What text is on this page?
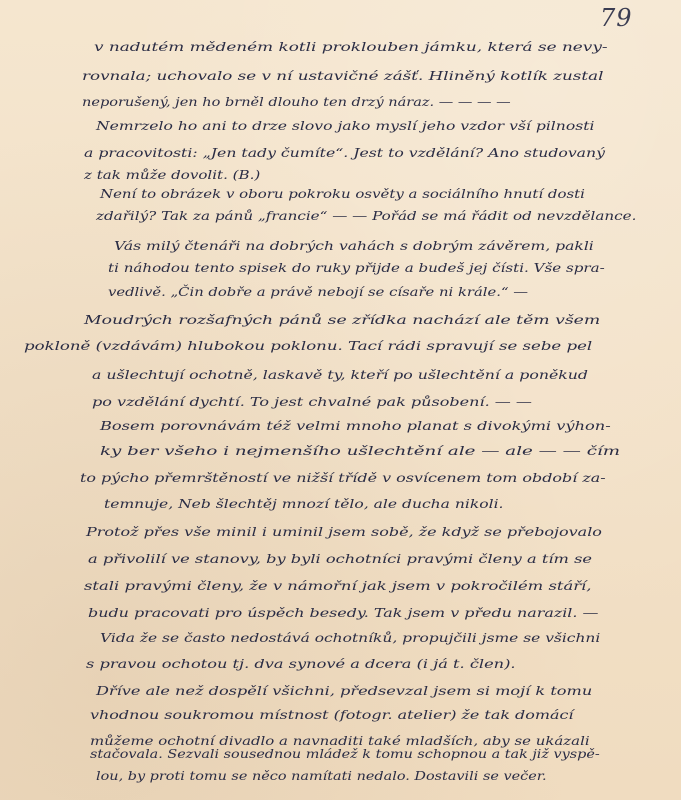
79
v nadutém mědeném kotli proklouben jámku, která se nevy-
rovnala; uchovalo se v ní ustavičné zášť. Hliněný kotlík zustal
neporušený, jen ho brněl dlouho ten drzý náraz. — — — —
Nemrzelo ho ani to drze slovo jako myslí jeho vzdor vší pilnosti
a pracovitosti: „Jen tady čumíte“. Jest to vzdělání? Ano studovaný
z tak může dovolit. (B.)
Není to obrázek v oboru pokroku osvěty a sociálního hnutí dosti
zdařilý? Tak za pánů „francie“ — — Pořád se má řádit od nevzdělance.
Vás milý čtenáři na dobrých vahách s dobrým závěrem, pakli
ti náhodou tento spisek do ruky přijde a budeš jej čísti. Vše spra-
vedlivě. „Čin dobře a právě nebojí se císaře ni krále.“ —
Moudrých rozšafných pánů se zřídka nachází ale těm všem
pokloně (vzdávám) hlubokou poklonu. Tací rádi spravují se sebe pel
a ušlechtují ochotně, laskavě ty, kteří po ušlechtění a poněkud
po vzdělání dychtí. To jest chvalné pak působení. — —
Bosem porovnávám též velmi mnoho planat s divokými výhon-
ky ber všeho i nejmenšího ušlechtění ale — ale — — čím
to pýcho přemrštěností ve nižší třídě v osvícenem tom období za-
temnuje, Neb šlechtěj mnozí tělo, ale ducha nikoli.
Protož přes vše minil i uminil jsem sobě, že když se přebojovalo
a přivolilí ve stanovy, by byli ochotníci pravými členy a tím se
stali pravými členy, že v námořní jak jsem v pokročilém stáří,
budu pracovati pro úspěch besedy. Tak jsem v předu narazil. —
Vida že se často nedostává ochotníků, propujčili jsme se všichni
s pravou ochotou tj. dva synové a dcera (i já t. člen).
Dříve ale než dospělí všichni, předsevzal jsem si mojí k tomu
vhodnou soukromou místnost (fotogr. atelier) že tak domácí
můžeme ochotní divadlo a navnaditi také mladších, aby se ukázali
stačovala. Sezvali sousednou mládež k tomu schopnou a tak již vyspě-
lou, by proti tomu se něco namítati nedalo. Dostavili se večer.
